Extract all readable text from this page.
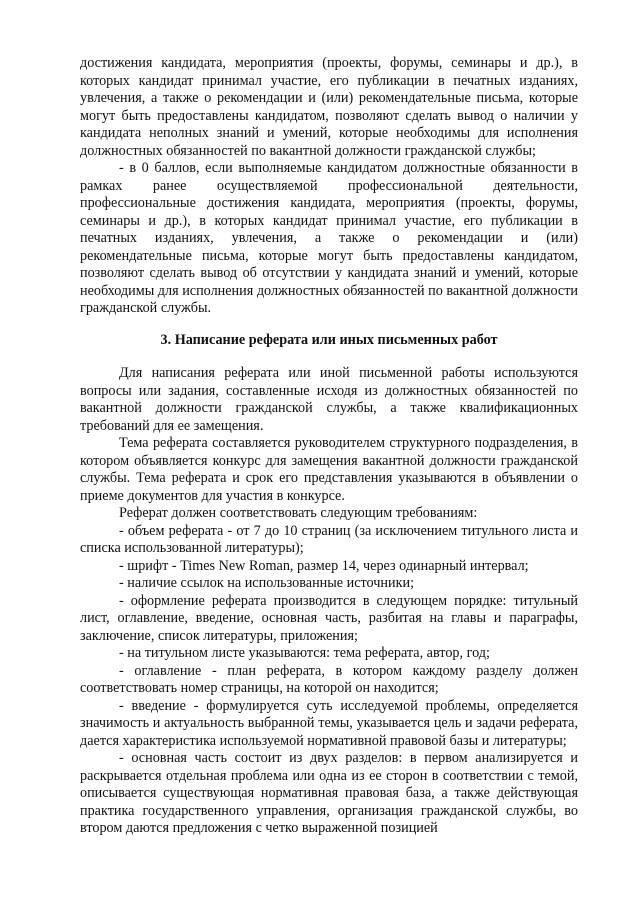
достижения кандидата, мероприятия (проекты, форумы, семинары и др.), в которых кандидат принимал участие, его публикации в печатных изданиях, увлечения, а также о рекомендации и (или) рекомендательные письма, которые могут быть предоставлены кандидатом, позволяют сделать вывод о наличии у кандидата неполных знаний и умений, которые необходимы для исполнения должностных обязанностей по вакантной должности гражданской службы;

- в 0 баллов, если выполняемые кандидатом должностные обязанности в рамках ранее осуществляемой профессиональной деятельности, профессиональные достижения кандидата, мероприятия (проекты, форумы, семинары и др.), в которых кандидат принимал участие, его публикации в печатных изданиях, увлечения, а также о рекомендации и (или) рекомендательные письма, которые могут быть предоставлены кандидатом, позволяют сделать вывод об отсутствии у кандидата знаний и умений, которые необходимы для исполнения должностных обязанностей по вакантной должности гражданской службы.

3. Написание реферата или иных письменных работ

Для написания реферата или иной письменной работы используются вопросы или задания, составленные исходя из должностных обязанностей по вакантной должности гражданской службы, а также квалификационных требований для ее замещения.

Тема реферата составляется руководителем структурного подразделения, в котором объявляется конкурс для замещения вакантной должности гражданской службы. Тема реферата и срок его представления указываются в объявлении о приеме документов для участия в конкурсе.

Реферат должен соответствовать следующим требованиям:

- объем реферата - от 7 до 10 страниц (за исключением титульного листа и списка использованной литературы);

- шрифт - Times New Roman, размер 14, через одинарный интервал;

- наличие ссылок на использованные источники;

- оформление реферата производится в следующем порядке: титульный лист, оглавление, введение, основная часть, разбитая на главы и параграфы, заключение, список литературы, приложения;

- на титульном листе указываются: тема реферата, автор, год;

- оглавление - план реферата, в котором каждому разделу должен соответствовать номер страницы, на которой он находится;

- введение - формулируется суть исследуемой проблемы, определяется значимость и актуальность выбранной темы, указывается цель и задачи реферата, дается характеристика используемой нормативной правовой базы и литературы;

- основная часть состоит из двух разделов: в первом анализируется и раскрывается отдельная проблема или одна из ее сторон в соответствии с темой, описывается существующая нормативная правовая база, а также действующая практика государственного управления, организация гражданской службы, во втором даются предложения с четко выраженной позицией
